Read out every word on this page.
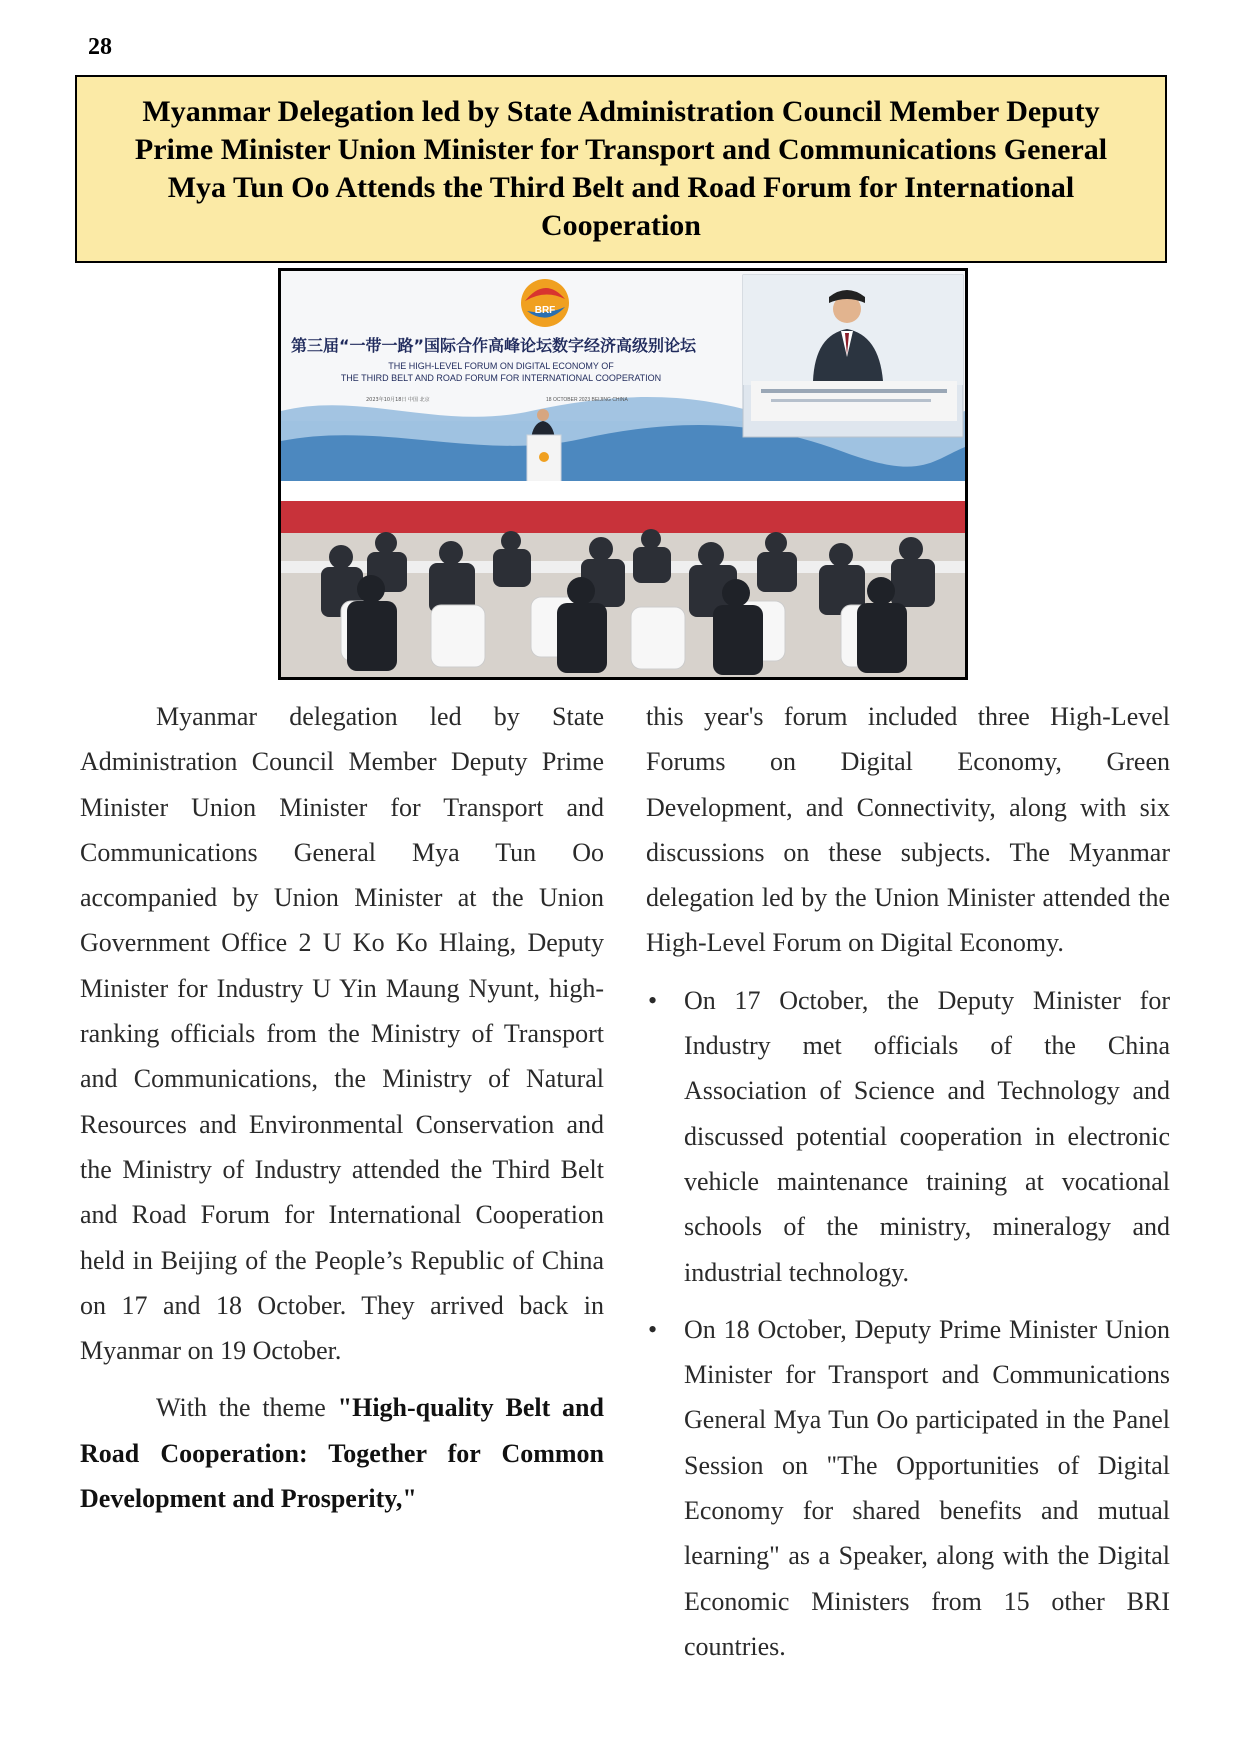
28
Myanmar Delegation led by State Administration Council Member Deputy Prime Minister Union Minister for Transport and Communications General Mya Tun Oo Attends the Third Belt and Road Forum for International Cooperation
BRF
第三届“一带一路”国际合作高峰论坛数字经济高级别论坛
THE HIGH-LEVEL FORUM ON DIGITAL ECONOMY OF
THE THIRD BELT AND ROAD FORUM FOR INTERNATIONAL COOPERATION
2023年10月18日 中国 北京	18 OCTOBER 2023 BEIJING CHINA

Myanmar delegation led by State Administration Council Member Deputy Prime Minister Union Minister for Transport and Communications General Mya Tun Oo accompanied by Union Minister at the Union Government Office 2 U Ko Ko Hlaing, Deputy Minister for Industry U Yin Maung Nyunt, high-ranking officials from the Ministry of Transport and Communications, the Ministry of Natural Resources and Environmental Conservation and the Ministry of Industry attended the Third Belt and Road Forum for International Cooperation held in Beijing of the People’s Republic of China on 17 and 18 October. They arrived back in Myanmar on 19 October.

With the theme "High-quality Belt and Road Cooperation: Together for Common Development and Prosperity,"

this year's forum included three High-Level Forums on Digital Economy, Green Development, and Connectivity, along with six discussions on these subjects. The Myanmar delegation led by the Union Minister attended the High-Level Forum on Digital Economy.

• On 17 October, the Deputy Minister for Industry met officials of the China Association of Science and Technology and discussed potential cooperation in electronic vehicle maintenance training at vocational schools of the ministry, mineralogy and industrial technology.
• On 18 October, Deputy Prime Minister Union Minister for Transport and Communications General Mya Tun Oo participated in the Panel Session on "The Opportunities of Digital Economy for shared benefits and mutual learning" as a Speaker, along with the Digital Economic Ministers from 15 other BRI countries.
